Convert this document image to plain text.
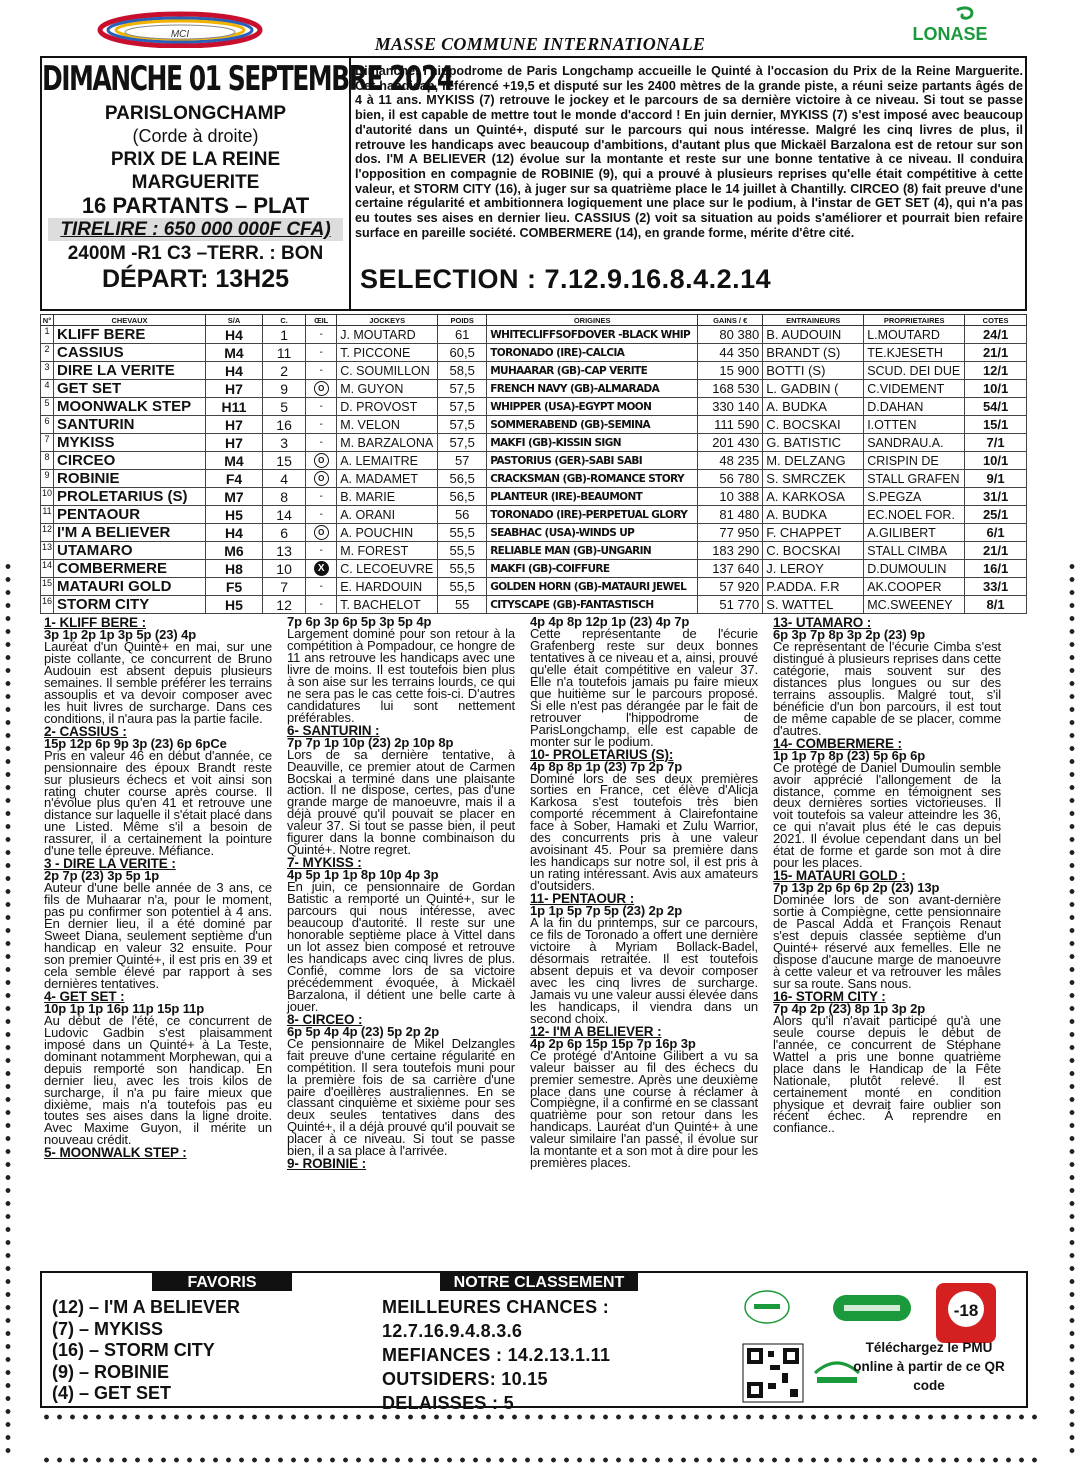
MCI	LONASE
MASSE COMMUNE INTERNATIONALE
DIMANCHE 01 SEPTEMBRE 2024
PARISLONGCHAMP
(Corde à droite)
PRIX DE LA REINE
MARGUERITE
16 PARTANTS – PLAT
TIRELIRE : 650 000 000F CFA)
2400M -R1 C3 –TERR. : BON
DÉPART: 13H25
Dimanche, l'hippodrome de Paris Longchamp accueille le Quinté à l'occasion du Prix de la Reine Marguerite. Cet handicap, référencé +19,5 et disputé sur les 2400 mètres de la grande piste, a réuni seize partants âgés de 4 à 11 ans. MYKISS (7) retrouve le jockey et le parcours de sa dernière victoire à ce niveau. Si tout se passe bien, il est capable de mettre tout le monde d'accord ! En juin dernier, MYKISS (7) s'est imposé avec beaucoup d'autorité dans un Quinté+, disputé sur le parcours qui nous intéresse. Malgré les cinq livres de plus, il retrouve les handicaps avec beaucoup d'ambitions, d'autant plus que Mickaël Barzalona est de retour sur son dos. I'M A BELIEVER (12) évolue sur la montante et reste sur une bonne tentative à ce niveau. Il conduira l'opposition en compagnie de ROBINIE (9), qui a prouvé à plusieurs reprises qu'elle était compétitive à cette valeur, et STORM CITY (16), à juger sur sa quatrième place le 14 juillet à Chantilly. CIRCEO (8) fait preuve d'une certaine régularité et ambitionnera logiquement une place sur le podium, à l'instar de GET SET (4), qui n'a pas eu toutes ses aises en dernier lieu. CASSIUS (2) voit sa situation au poids s'améliorer et pourrait bien refaire surface en pareille société. COMBERMERE (14), en grande forme, mérite d'être cité.
SELECTION : 7.12.9.16.8.4.2.14
N°	CHEVAUX	S/A	C.	ŒIL	JOCKEYS	POIDS	ORIGINES	GAINS / €	ENTRAINEURS	PROPRIETAIRES	COTES
1	KLIFF BERE	H4	1	-	J. MOUTARD	61	WHITECLIFFSOFDOVER -BLACK WHIP	80 380	B. AUDOUIN	L.MOUTARD	24/1
2	CASSIUS	M4	11	-	T. PICCONE	60,5	TORONADO (IRE)-CALCIA	44 350	BRANDT (S)	TE.KJESETH	21/1
3	DIRE LA VERITE	H4	2	-	C. SOUMILLON	58,5	MUHAARAR (GB)-CAP VERITE	15 900	BOTTI (S)	SCUD. DEI DUE	12/1
4	GET SET	H7	9	O	M. GUYON	57,5	FRENCH NAVY (GB)-ALMARADA	168 530	L. GADBIN (	C.VIDEMENT	10/1
5	MOONWALK STEP	H11	5	-	D. PROVOST	57,5	WHIPPER (USA)-EGYPT MOON	330 140	A. BUDKA	D.DAHAN	54/1
6	SANTURIN	H7	16	-	M. VELON	57,5	SOMMERABEND (GB)-SEMINA	111 590	C. BOCSKAI	I.OTTEN	15/1
7	MYKISS	H7	3	-	M. BARZALONA	57,5	MAKFI (GB)-KISSIN SIGN	201 430	G. BATISTIC	SANDRAU.A.	7/1
8	CIRCEO	M4	15	O	A. LEMAITRE	57	PASTORIUS (GER)-SABI SABI	48 235	M. DELZANG	CRISPIN DE	10/1
9	ROBINIE	F4	4	O	A. MADAMET	56,5	CRACKSMAN (GB)-ROMANCE STORY	56 780	S. SMRCZEK	STALL GRAFEN	9/1
10	PROLETARIUS (S)	M7	8	-	B. MARIE	56,5	PLANTEUR (IRE)-BEAUMONT	10 388	A. KARKOSA	S.PEGZA	31/1
11	PENTAOUR	H5	14	-	A. ORANI	56	TORONADO (IRE)-PERPETUAL GLORY	81 480	A. BUDKA	EC.NOEL FOR.	25/1
12	I'M A BELIEVER	H4	6	O	A. POUCHIN	55,5	SEABHAC (USA)-WINDS UP	77 950	F. CHAPPET	A.GILIBERT	6/1
13	UTAMARO	M6	13	-	M. FOREST	55,5	RELIABLE MAN (GB)-UNGARIN	183 290	C. BOCSKAI	STALL CIMBA	21/1
14	COMBERMERE	H8	10	X	C. LECOEUVRE	55,5	MAKFI (GB)-COIFFURE	137 640	J. LEROY	D.DUMOULIN	16/1
15	MATAURI GOLD	F5	7	-	E. HARDOUIN	55,5	GOLDEN HORN (GB)-MATAURI JEWEL	57 920	P.ADDA. F.R	AK.COOPER	33/1
16	STORM CITY	H5	12	-	T. BACHELOT	55	CITYSCAPE (GB)-FANTASTISCH	51 770	S. WATTEL	MC.SWEENEY	8/1
1- KLIFF BERE :
3p 1p 2p 1p 3p 5p (23) 4p

Lauréat d'un Quinté+ en mai, sur une piste collante, ce concurrent de Bruno Audouin est absent depuis plusieurs semaines. Il semble préférer les terrains assouplis et va devoir composer avec les huit livres de surcharge. Dans ces conditions, il n'aura pas la partie facile.

2- CASSIUS :
15p 12p 6p 9p 3p (23) 6p 6pCe

Pris en valeur 46 en début d'année, ce pensionnaire des époux Brandt reste sur plusieurs échecs et voit ainsi son rating chuter course après course. Il n'évolue plus qu'en 41 et retrouve une distance sur laquelle il s'était placé dans une Listed. Même s'il a besoin de rassurer, il a certainement la pointure d'une telle épreuve. Méfiance.

3 - DIRE LA VERITE :
2p 7p (23) 3p 5p 1p

Auteur d'une belle année de 3 ans, ce fils de Muhaarar n'a, pour le moment, pas pu confirmer son potentiel à 4 ans. En dernier lieu, il a été dominé par Sweet Diana, seulement septième d'un handicap en valeur 32 ensuite. Pour son premier Quinté+, il est pris en 39 et cela semble élevé par rapport à ses dernières tentatives.

4- GET SET :
10p 1p 1p 16p 11p 15p 11p

Au début de l'été, ce concurrent de Ludovic Gadbin s'est plaisamment imposé dans un Quinté+ à La Teste, dominant notamment Morphewan, qui a depuis remporté son handicap. En dernier lieu, avec les trois kilos de surcharge, il n'a pu faire mieux que dixième, mais n'a toutefois pas eu toutes ses aises dans la ligne droite. Avec Maxime Guyon, il mérite un nouveau crédit.

5- MOONWALK STEP :
7p 6p 3p 6p 5p 3p 5p 4p

Largement dominé pour son retour à la compétition à Pompadour, ce hongre de 11 ans retrouve les handicaps avec une livre de moins. Il est toutefois bien plus à son aise sur les terrains lourds, ce qui ne sera pas le cas cette fois-ci. D'autres candidatures lui sont nettement préférables.

6- SANTURIN :
7p 7p 1p 10p (23) 2p 10p 8p

Lors de sa dernière tentative, à Deauville, ce premier atout de Carmen Bocskai a terminé dans une plaisante action. Il ne dispose, certes, pas d'une grande marge de manoeuvre, mais il a déjà prouvé qu'il pouvait se placer en valeur 37. Si tout se passe bien, il peut figurer dans la bonne combinaison du Quinté+. Notre regret.

7- MYKISS :
4p 5p 1p 1p 8p 10p 4p 3p

En juin, ce pensionnaire de Gordan Batistic a remporté un Quinté+, sur le parcours qui nous intéresse, avec beaucoup d'autorité. Il reste sur une honorable septième place à Vittel dans un lot assez bien composé et retrouve les handicaps avec cinq livres de plus. Confié, comme lors de sa victoire précédemment évoquée, à Mickaël Barzalona, il détient une belle carte à jouer.

8- CIRCEO :
6p 5p 4p 4p (23) 5p 2p 2p

Ce pensionnaire de Mikel Delzangles fait preuve d'une certaine régularité en compétition. Il sera toutefois muni pour la première fois de sa carrière d'une paire d'oeillères australiennes. En se classant cinquième et sixième pour ses deux seules tentatives dans des Quinté+, il a déjà prouvé qu'il pouvait se placer à ce niveau. Si tout se passe bien, il a sa place à l'arrivée.

9- ROBINIE :
4p 4p 8p 12p 1p (23) 4p 7p

Cette représentante de l'écurie Grafenberg reste sur deux bonnes tentatives à ce niveau et a, ainsi, prouvé qu'elle était compétitive en valeur 37. Elle n'a toutefois jamais pu faire mieux que huitième sur le parcours proposé. Si elle n'est pas dérangée par le fait de retrouver l'hippodrome de ParisLongchamp, elle est capable de monter sur le podium.

10- PROLETARIUS (S):
4p 8p 8p 1p (23) 7p 2p 7p

Dominé lors de ses deux premières sorties en France, cet élève d'Alicja Karkosa s'est toutefois très bien comporté récemment à Clairefontaine face à Sober, Hamaki et Zulu Warrior, des concurrents pris à une valeur avoisinant 45. Pour sa première dans les handicaps sur notre sol, il est pris à un rating intéressant. Avis aux amateurs d'outsiders.

11- PENTAOUR :
1p 1p 5p 7p 5p (23) 2p 2p

A la fin du printemps, sur ce parcours, ce fils de Toronado a offert une dernière victoire à Myriam Bollack-Badel, désormais retraitée. Il est toutefois absent depuis et va devoir composer avec les cinq livres de surcharge. Jamais vu une valeur aussi élevée dans les handicaps, il viendra dans un second choix.

12- I'M A BELIEVER :
4p 2p 6p 15p 15p 7p 16p 3p

Ce protégé d'Antoine Gilibert a vu sa valeur baisser au fil des échecs du premier semestre. Après une deuxième place dans une course à réclamer à Compiègne, il a confirmé en se classant quatrième pour son retour dans les handicaps. Lauréat d'un Quinté+ à une valeur similaire l'an passé, il évolue sur la montante et a son mot à dire pour les premières places.

13- UTAMARO :
6p 3p 7p 8p 3p 2p (23) 9p

Ce représentant de l'écurie Cimba s'est distingué à plusieurs reprises dans cette catégorie, mais souvent sur des distances plus longues ou sur des terrains assouplis. Malgré tout, s'il bénéficie d'un bon parcours, il est tout de même capable de se placer, comme d'autres.

14- COMBERMERE :
1p 1p 7p 8p (23) 5p 6p 6p

Ce protégé de Daniel Dumoulin semble avoir apprécié l'allongement de la distance, comme en témoignent ses deux dernières sorties victorieuses. Il voit toutefois sa valeur atteindre les 36, ce qui n'avait plus été le cas depuis 2021. Il évolue cependant dans un bel état de forme et garde son mot à dire pour les places.

15- MATAURI GOLD :
7p 13p 2p 6p 6p 2p (23) 13p

Dominée lors de son avant-dernière sortie à Compiègne, cette pensionnaire de Pascal Adda et François Renaut s'est depuis classée septième d'un Quinté+ réservé aux femelles. Elle ne dispose d'aucune marge de manoeuvre à cette valeur et va retrouver les mâles sur sa route. Sans nous.

16- STORM CITY :
7p 4p 2p (23) 8p 1p 3p 2p

Alors qu'il n'avait participé qu'à une seule course depuis le début de l'année, ce concurrent de Stéphane Wattel a pris une bonne quatrième place dans le Handicap de la Fête Nationale, plutôt relevé. Il est certainement monté en condition physique et devrait faire oublier son récent échec. À reprendre en confiance..

FAVORIS	NOTRE CLASSEMENT
(12) – I'M A BELIEVER
(7) – MYKISS
(16) – STORM CITY
(9) – ROBINIE
(4) – GET SET
MEILLEURES CHANCES :
12.7.16.9.4.8.3.6
MEFIANCES : 14.2.13.1.11
OUTSIDERS: 10.15
DELAISSES : 5
-18
Téléchargez le PMU online à partir de ce QR code
